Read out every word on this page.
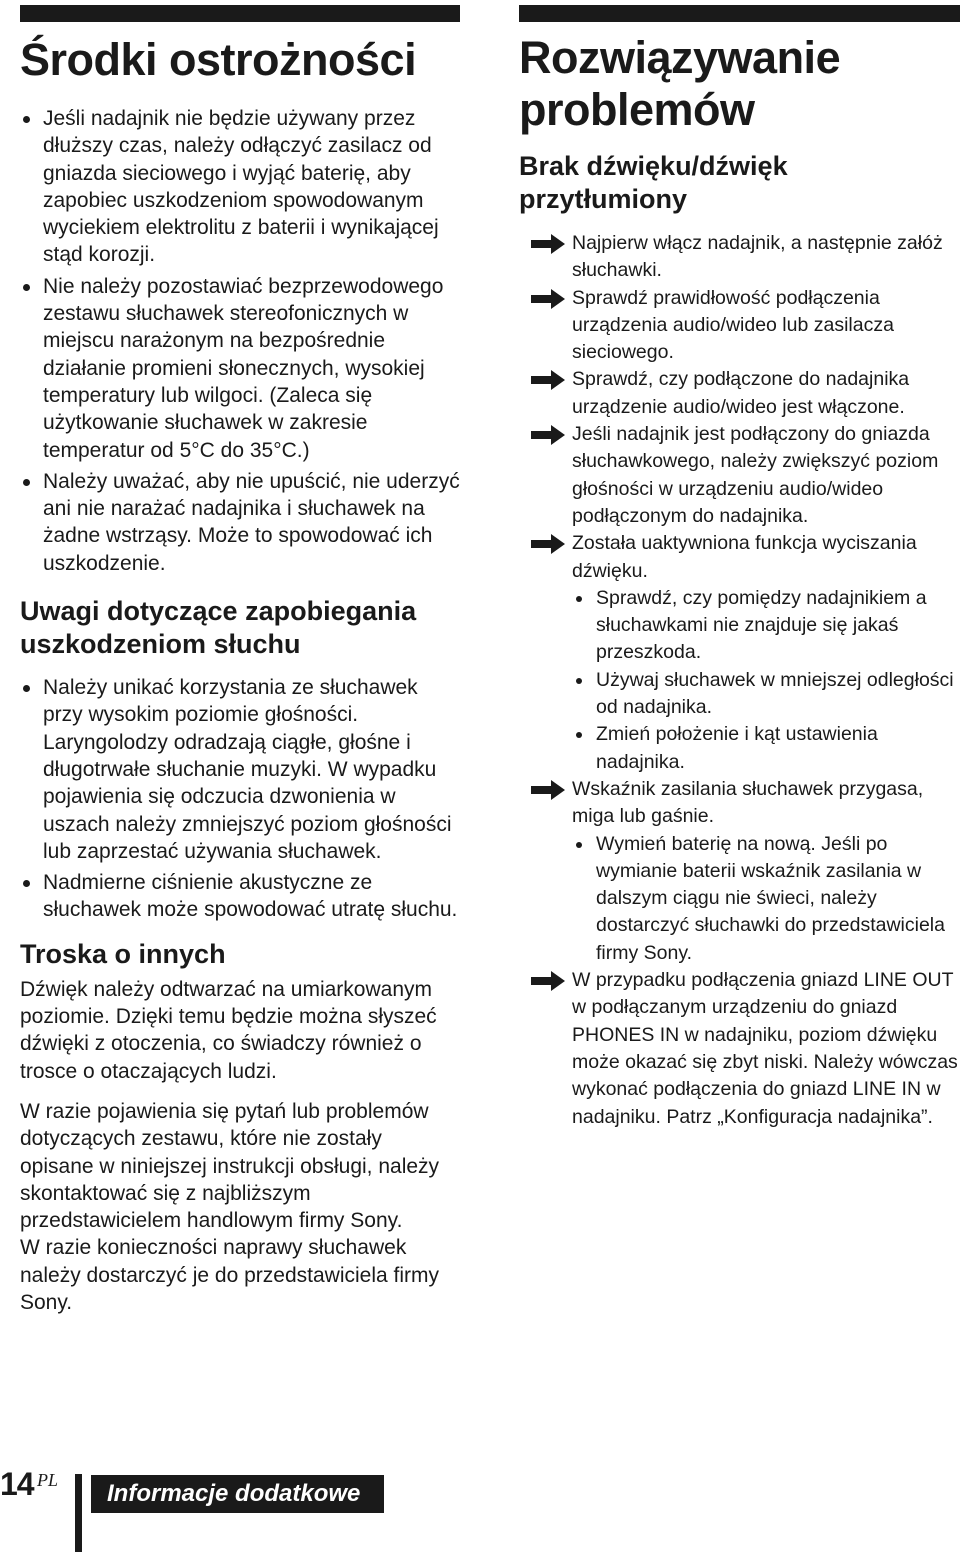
Środki ostrożności
Jeśli nadajnik nie będzie używany przez dłuższy czas, należy odłączyć zasilacz od gniazda sieciowego i wyjąć baterię, aby zapobiec uszkodzeniom spowodowanym wyciekiem elektrolitu z baterii i wynikającej stąd korozji.
Nie należy pozostawiać bezprzewodowego zestawu słuchawek stereofonicznych w miejscu narażonym na bezpośrednie działanie promieni słonecznych, wysokiej temperatury lub wilgoci. (Zaleca się użytkowanie słuchawek w zakresie temperatur od 5°C do 35°C.)
Należy uważać, aby nie upuścić, nie uderzyć ani nie narażać nadajnika i słuchawek na żadne wstrząsy. Może to spowodować ich uszkodzenie.
Uwagi dotyczące zapobiegania uszkodzeniom słuchu
Należy unikać korzystania ze słuchawek przy wysokim poziomie głośności. Laryngolodzy odradzają ciągłe, głośne i długotrwałe słuchanie muzyki. W wypadku pojawienia się odczucia dzwonienia w uszach należy zmniejszyć poziom głośności lub zaprzestać używania słuchawek.
Nadmierne ciśnienie akustyczne ze słuchawek może spowodować utratę słuchu.
Troska o innych

Dźwięk należy odtwarzać na umiarkowanym poziomie. Dzięki temu będzie można słyszeć dźwięki z otoczenia, co świadczy również o trosce o otaczających ludzi.

W razie pojawienia się pytań lub problemów dotyczących zestawu, które nie zostały opisane w niniejszej instrukcji obsługi, należy skontaktować się z najbliższym przedstawicielem handlowym firmy Sony.

W razie konieczności naprawy słuchawek należy dostarczyć je do przedstawiciela firmy Sony.

Rozwiązywanie problemów
Brak dźwięku/dźwięk przytłumiony
Najpierw włącz nadajnik, a następnie załóż słuchawki.
Sprawdź prawidłowość podłączenia urządzenia audio/wideo lub zasilacza sieciowego.
Sprawdź, czy podłączone do nadajnika urządzenie audio/wideo jest włączone.
Jeśli nadajnik jest podłączony do gniazda słuchawkowego, należy zwiększyć poziom głośności w urządzeniu audio/wideo podłączonym do nadajnika.
Została uaktywniona funkcja wyciszania dźwięku.
Sprawdź, czy pomiędzy nadajnikiem a słuchawkami nie znajduje się jakaś przeszkoda.
Używaj słuchawek w mniejszej odległości od nadajnika.
Zmień położenie i kąt ustawienia nadajnika.
Wskaźnik zasilania słuchawek przygasa, miga lub gaśnie.
Wymień baterię na nową. Jeśli po wymianie baterii wskaźnik zasilania w dalszym ciągu nie świeci, należy dostarczyć słuchawki do przedstawiciela firmy Sony.
W przypadku podłączenia gniazd LINE OUT w podłączanym urządzeniu do gniazd PHONES IN w nadajniku, poziom dźwięku może okazać się zbyt niski. Należy wówczas wykonać podłączenia do gniazd LINE IN w nadajniku. Patrz „Konfiguracja nadajnika”.
14 PL	Informacje dodatkowe
